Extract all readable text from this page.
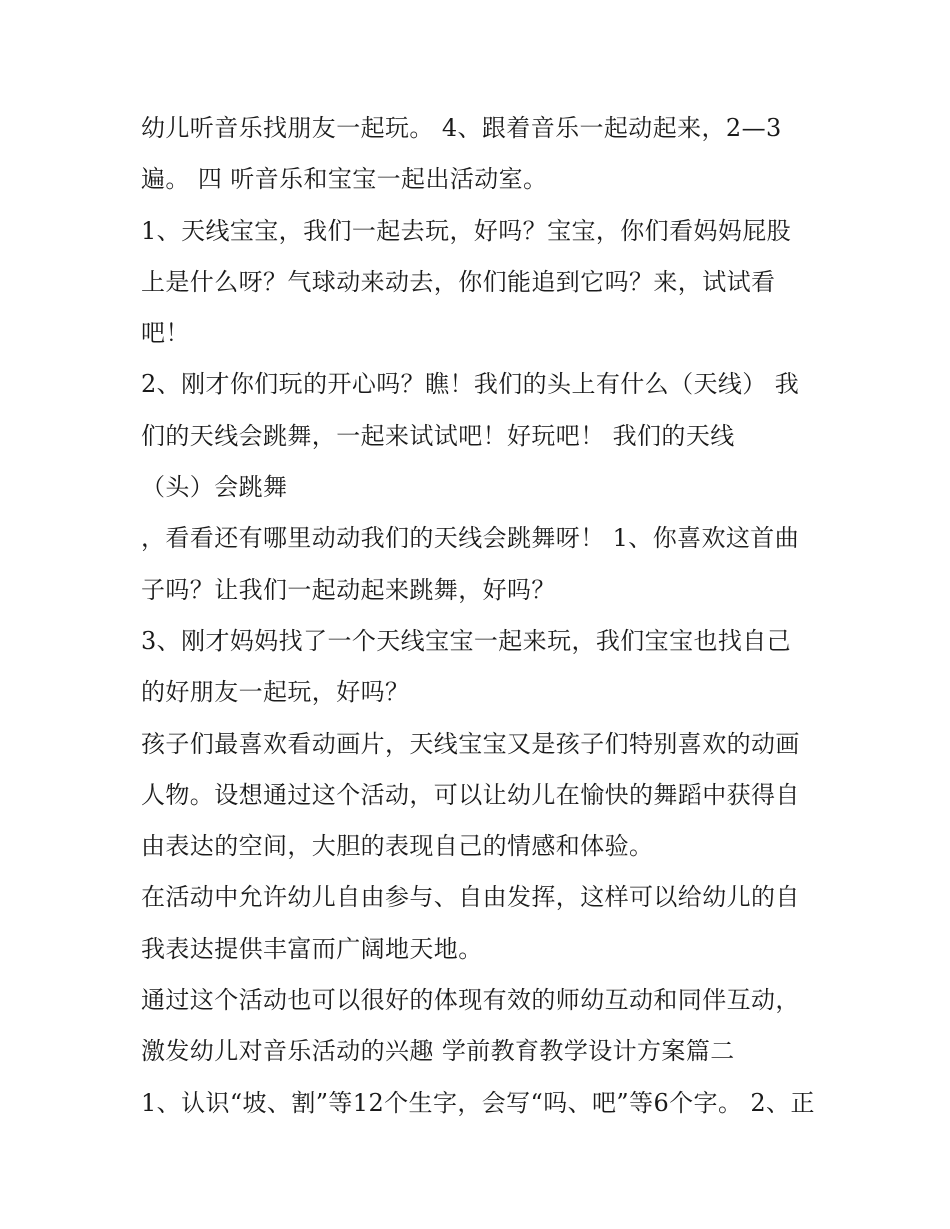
幼儿听音乐找朋友一起玩。 4、跟着音乐一起动起来，2—3
遍。 四 听音乐和宝宝一起出活动室。
1、天线宝宝，我们一起去玩，好吗？宝宝，你们看妈妈屁股
上是什么呀？气球动来动去，你们能追到它吗？来，试试看
吧！
2、刚才你们玩的开心吗？瞧！我们的头上有什么（天线） 我
们的天线会跳舞，一起来试试吧！好玩吧！ 我们的天线
（头）会跳舞
，看看还有哪里动动我们的天线会跳舞呀！ 1、你喜欢这首曲
子吗？让我们一起动起来跳舞，好吗？
3、刚才妈妈找了一个天线宝宝一起来玩，我们宝宝也找自己
的好朋友一起玩，好吗？
孩子们最喜欢看动画片，天线宝宝又是孩子们特别喜欢的动画
人物。设想通过这个活动，可以让幼儿在愉快的舞蹈中获得自
由表达的空间，大胆的表现自己的情感和体验。
在活动中允许幼儿自由参与、自由发挥，这样可以给幼儿的自
我表达提供丰富而广阔地天地。
通过这个活动也可以很好的体现有效的师幼互动和同伴互动，
激发幼儿对音乐活动的兴趣 学前教育教学设计方案篇二
1、认识“坡、割”等12个生字，会写“吗、吧”等6个字。 2、正
